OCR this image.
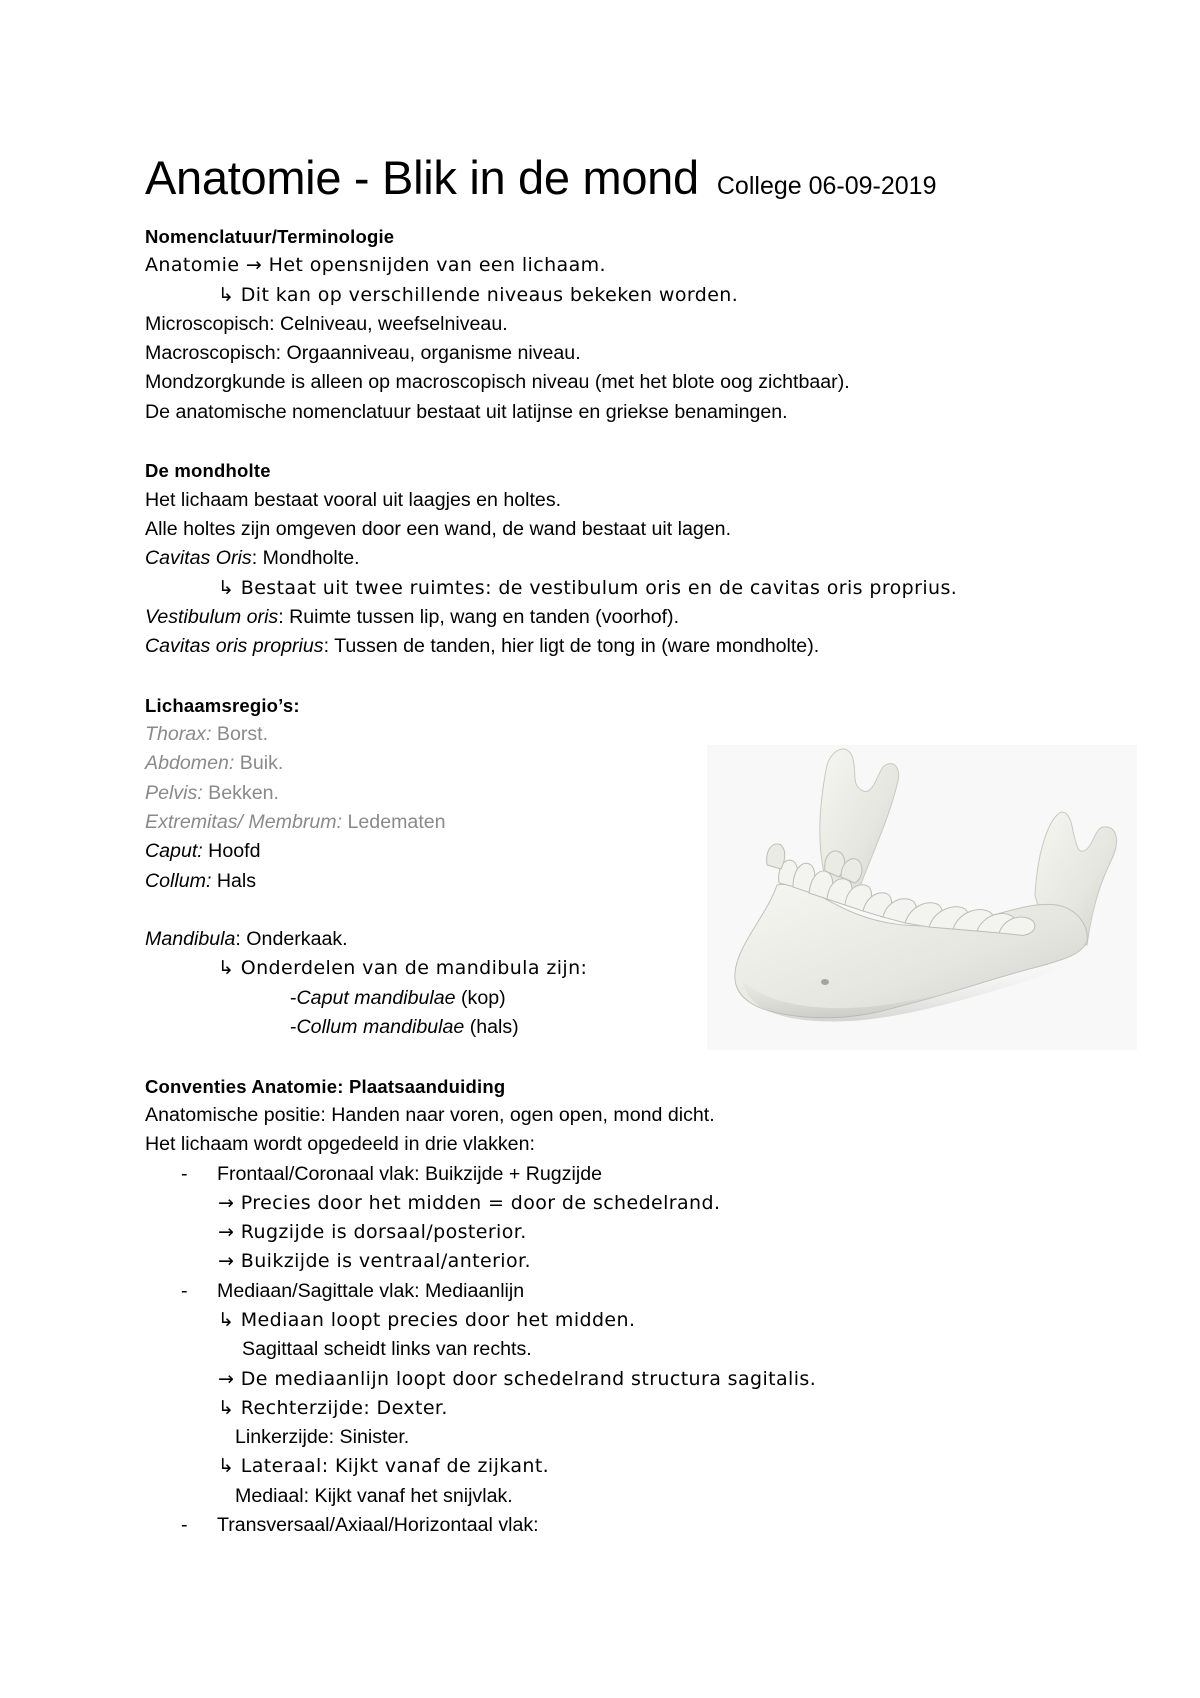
Anatomie - Blik in de mond College 06-09-2019
Nomenclatuur/Terminologie
Anatomie → Het opensnijden van een lichaam.
↳ Dit kan op verschillende niveaus bekeken worden.
Microscopisch: Celniveau, weefselniveau.
Macroscopisch: Orgaanniveau, organisme niveau.
Mondzorgkunde is alleen op macroscopisch niveau (met het blote oog zichtbaar).
De anatomische nomenclatuur bestaat uit latijnse en griekse benamingen.
De mondholte
Het lichaam bestaat vooral uit laagjes en holtes.
Alle holtes zijn omgeven door een wand, de wand bestaat uit lagen.
Cavitas Oris: Mondholte.
↳ Bestaat uit twee ruimtes: de vestibulum oris en de cavitas oris proprius.
Vestibulum oris: Ruimte tussen lip, wang en tanden (voorhof).
Cavitas oris proprius: Tussen de tanden, hier ligt de tong in (ware mondholte).
Lichaamsregio’s:
Thorax: Borst.
Abdomen: Buik.
Pelvis: Bekken.
Extremitas/ Membrum: Ledematen
Caput: Hoofd
Collum: Hals
Mandibula: Onderkaak.
↳ Onderdelen van de mandibula zijn:
-Caput mandibulae (kop)
-Collum mandibulae (hals)
Conventies Anatomie: Plaatsaanduiding
Anatomische positie: Handen naar voren, ogen open, mond dicht.
Het lichaam wordt opgedeeld in drie vlakken:
- Frontaal/Coronaal vlak: Buikzijde + Rugzijde
→ Precies door het midden = door de schedelrand.
→ Rugzijde is dorsaal/posterior.
→ Buikzijde is ventraal/anterior.
- Mediaan/Sagittale vlak: Mediaanlijn
↳ Mediaan loopt precies door het midden.
Sagittaal scheidt links van rechts.
→ De mediaanlijn loopt door schedelrand structura sagitalis.
↳ Rechterzijde: Dexter.
Linkerzijde: Sinister.
↳ Lateraal: Kijkt vanaf de zijkant.
Mediaal: Kijkt vanaf het snijvlak.
- Transversaal/Axiaal/Horizontaal vlak:
